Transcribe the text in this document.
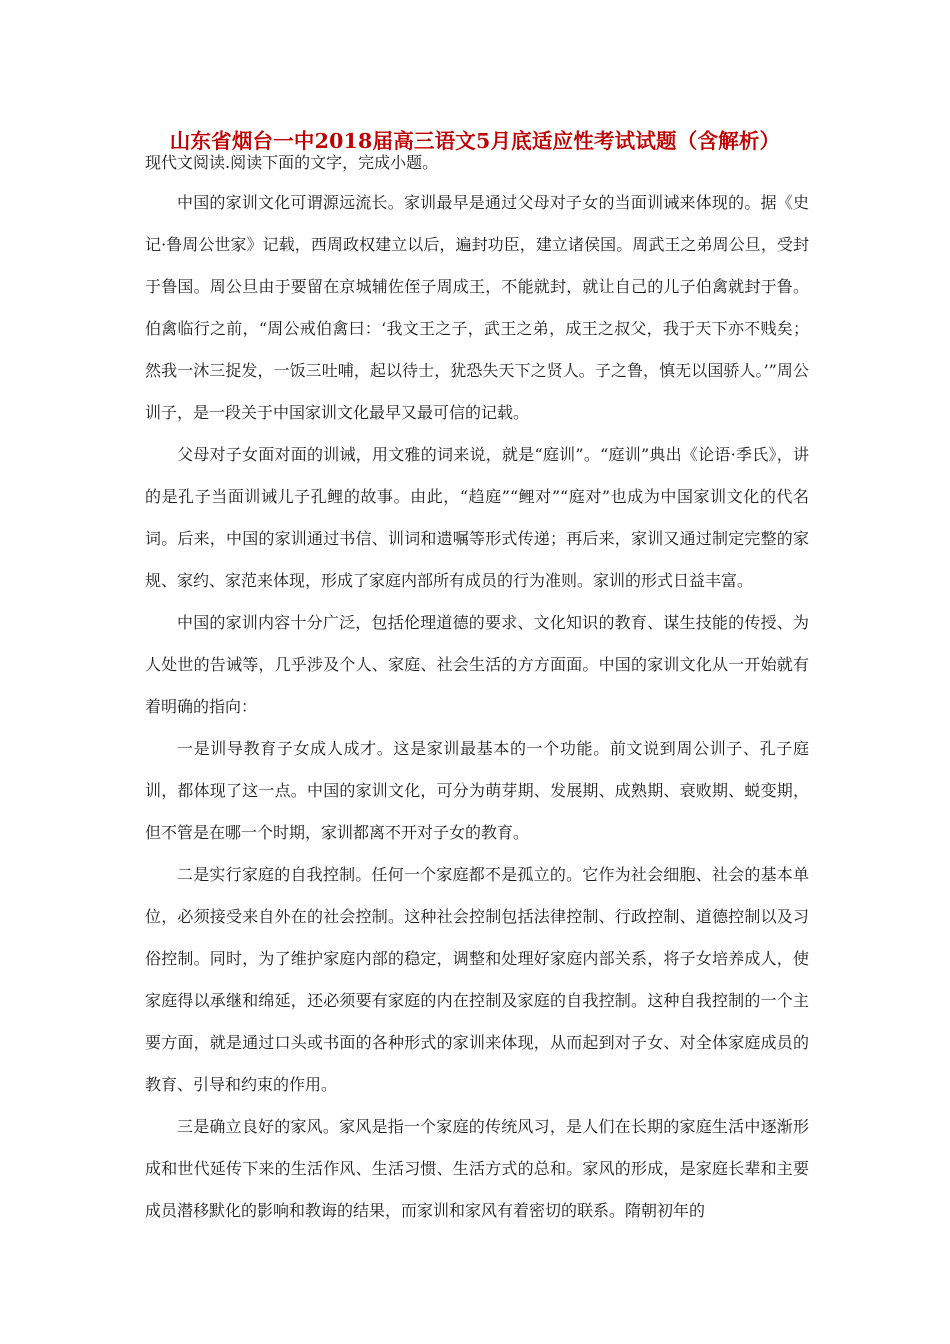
山东省烟台一中2018届高三语文5月底适应性考试试题（含解析）
现代文阅读.阅读下面的文字，完成小题。

中国的家训文化可谓源远流长。家训最早是通过父母对子女的当面训诫来体现的。据《史记·鲁周公世家》记载，西周政权建立以后，遍封功臣，建立诸侯国。周武王之弟周公旦，受封于鲁国。周公旦由于要留在京城辅佐侄子周成王，不能就封，就让自己的儿子伯禽就封于鲁。伯禽临行之前，“周公戒伯禽曰：‘我文王之子，武王之弟，成王之叔父，我于天下亦不贱矣；然我一沐三捉发，一饭三吐哺，起以待士，犹恐失天下之贤人。子之鲁，慎无以国骄人。’”周公训子，是一段关于中国家训文化最早又最可信的记载。

父母对子女面对面的训诫，用文雅的词来说，就是“庭训”。“庭训”典出《论语·季氏》，讲的是孔子当面训诫儿子孔鲤的故事。由此，“趋庭”“鲤对”“庭对”也成为中国家训文化的代名词。后来，中国的家训通过书信、训词和遗嘱等形式传递；再后来，家训又通过制定完整的家规、家约、家范来体现，形成了家庭内部所有成员的行为准则。家训的形式日益丰富。

中国的家训内容十分广泛，包括伦理道德的要求、文化知识的教育、谋生技能的传授、为人处世的告诫等，几乎涉及个人、家庭、社会生活的方方面面。中国的家训文化从一开始就有着明确的指向：

一是训导教育子女成人成才。这是家训最基本的一个功能。前文说到周公训子、孔子庭训，都体现了这一点。中国的家训文化，可分为萌芽期、发展期、成熟期、衰败期、蜕变期，但不管是在哪一个时期，家训都离不开对子女的教育。

二是实行家庭的自我控制。任何一个家庭都不是孤立的。它作为社会细胞、社会的基本单位，必须接受来自外在的社会控制。这种社会控制包括法律控制、行政控制、道德控制以及习俗控制。同时，为了维护家庭内部的稳定，调整和处理好家庭内部关系，将子女培养成人，使家庭得以承继和绵延，还必须要有家庭的内在控制及家庭的自我控制。这种自我控制的一个主要方面，就是通过口头或书面的各种形式的家训来体现，从而起到对子女、对全体家庭成员的教育、引导和约束的作用。

三是确立良好的家风。家风是指一个家庭的传统风习，是人们在长期的家庭生活中逐渐形成和世代延传下来的生活作风、生活习惯、生活方式的总和。家风的形成，是家庭长辈和主要成员潜移默化的影响和教诲的结果，而家训和家风有着密切的联系。隋朝初年的
